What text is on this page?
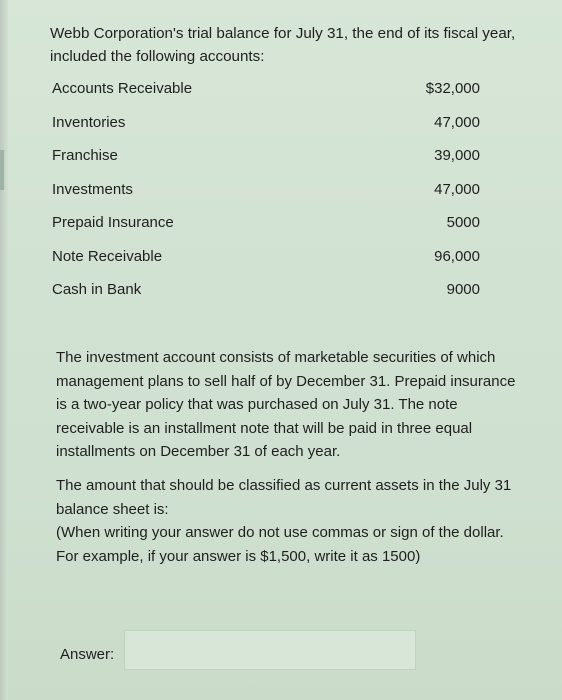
Webb Corporation's trial balance for July 31, the end of its fiscal year, included the following accounts:
Accounts Receivable	$32,000
Inventories	47,000
Franchise	39,000
Investments	47,000
Prepaid Insurance	5000
Note Receivable	96,000
Cash in Bank	9000
The investment account consists of marketable securities of which management plans to sell half of by December 31. Prepaid insurance is a two-year policy that was purchased on July 31. The note receivable is an installment note that will be paid in three equal installments on December 31 of each year.
The amount that should be classified as current assets in the July 31 balance sheet is:
(When writing your answer do not use commas or sign of the dollar. For example, if your answer is $1,500, write it as 1500)
Answer:
